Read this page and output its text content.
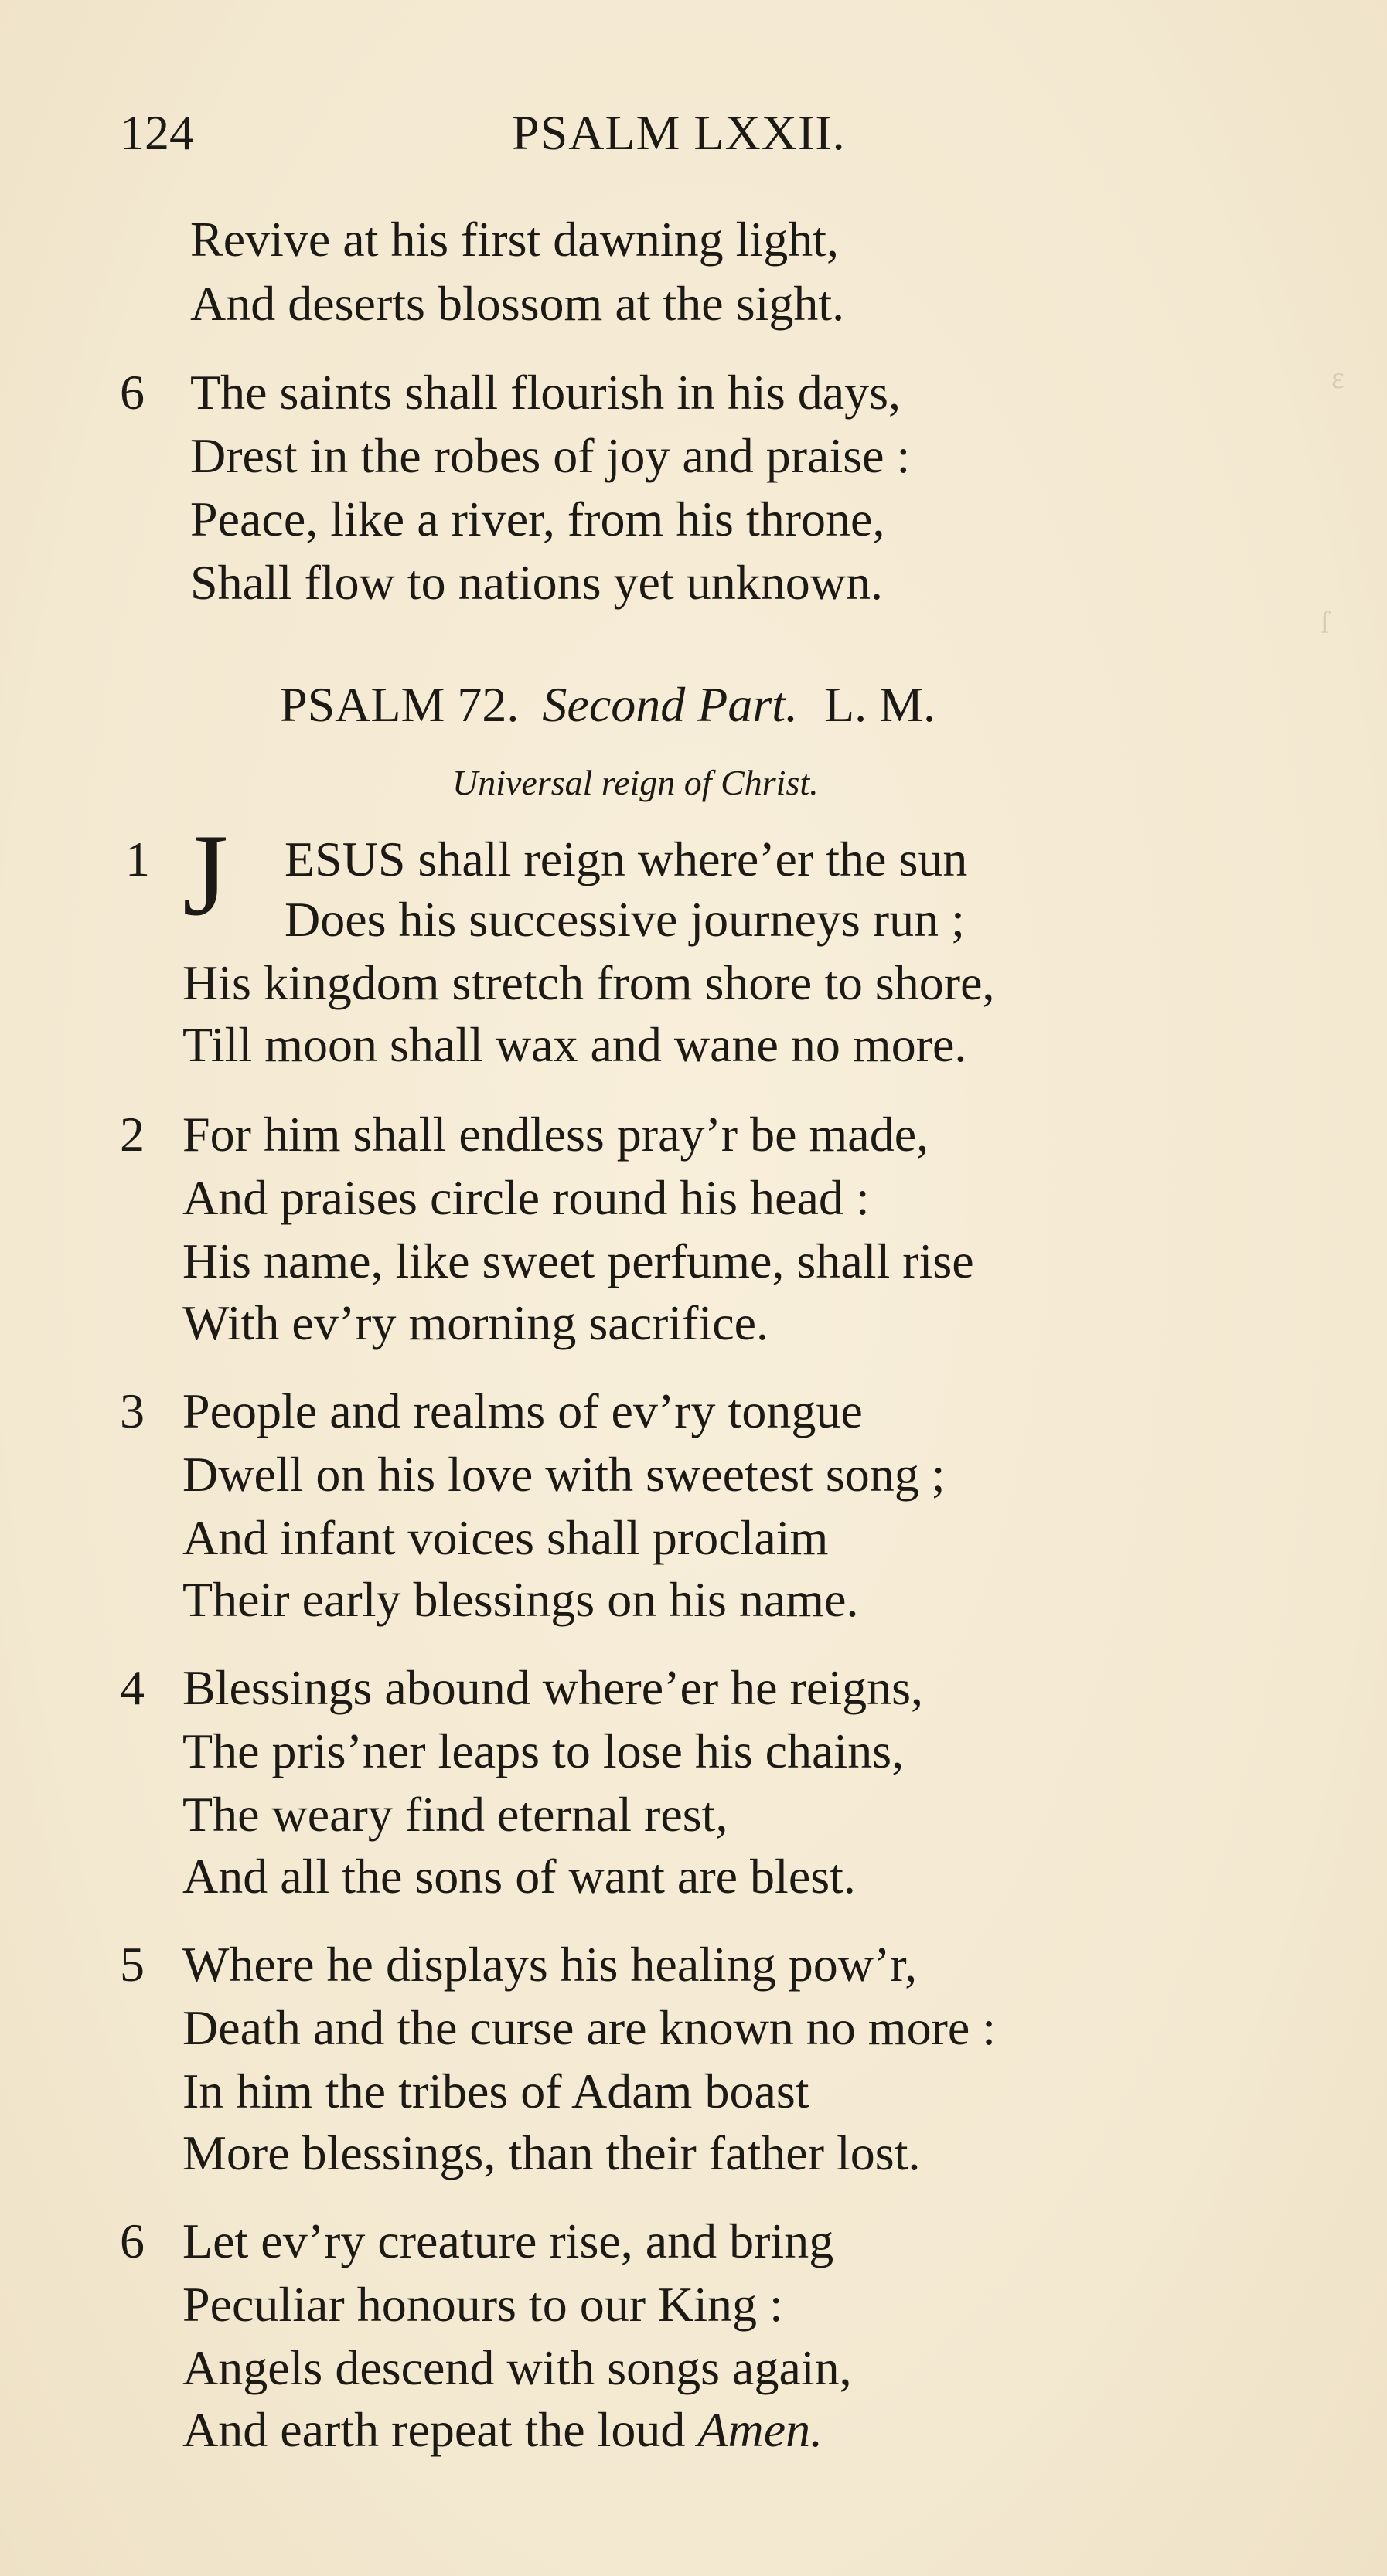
ε
ſ
124	PSALM LXXII.
Revive at his first dawning light,
And deserts blossom at the sight.
6 The saints shall flourish in his days,
Drest in the robes of joy and praise :
Peace, like a river, from his throne,
Shall flow to nations yet unknown.
PSALM 72. Second Part. L. M.
Universal reign of Christ.
1 J ESUS shall reign where’er the sun
Does his successive journeys run ;
His kingdom stretch from shore to shore,
Till moon shall wax and wane no more.
2 For him shall endless pray’r be made,
And praises circle round his head :
His name, like sweet perfume, shall rise
With ev’ry morning sacrifice.
3 People and realms of ev’ry tongue
Dwell on his love with sweetest song ;
And infant voices shall proclaim
Their early blessings on his name.
4 Blessings abound where’er he reigns,
The pris’ner leaps to lose his chains,
The weary find eternal rest,
And all the sons of want are blest.
5 Where he displays his healing pow’r,
Death and the curse are known no more :
In him the tribes of Adam boast
More blessings, than their father lost.
6 Let ev’ry creature rise, and bring
Peculiar honours to our King :
Angels descend with songs again,
And earth repeat the loud Amen.
